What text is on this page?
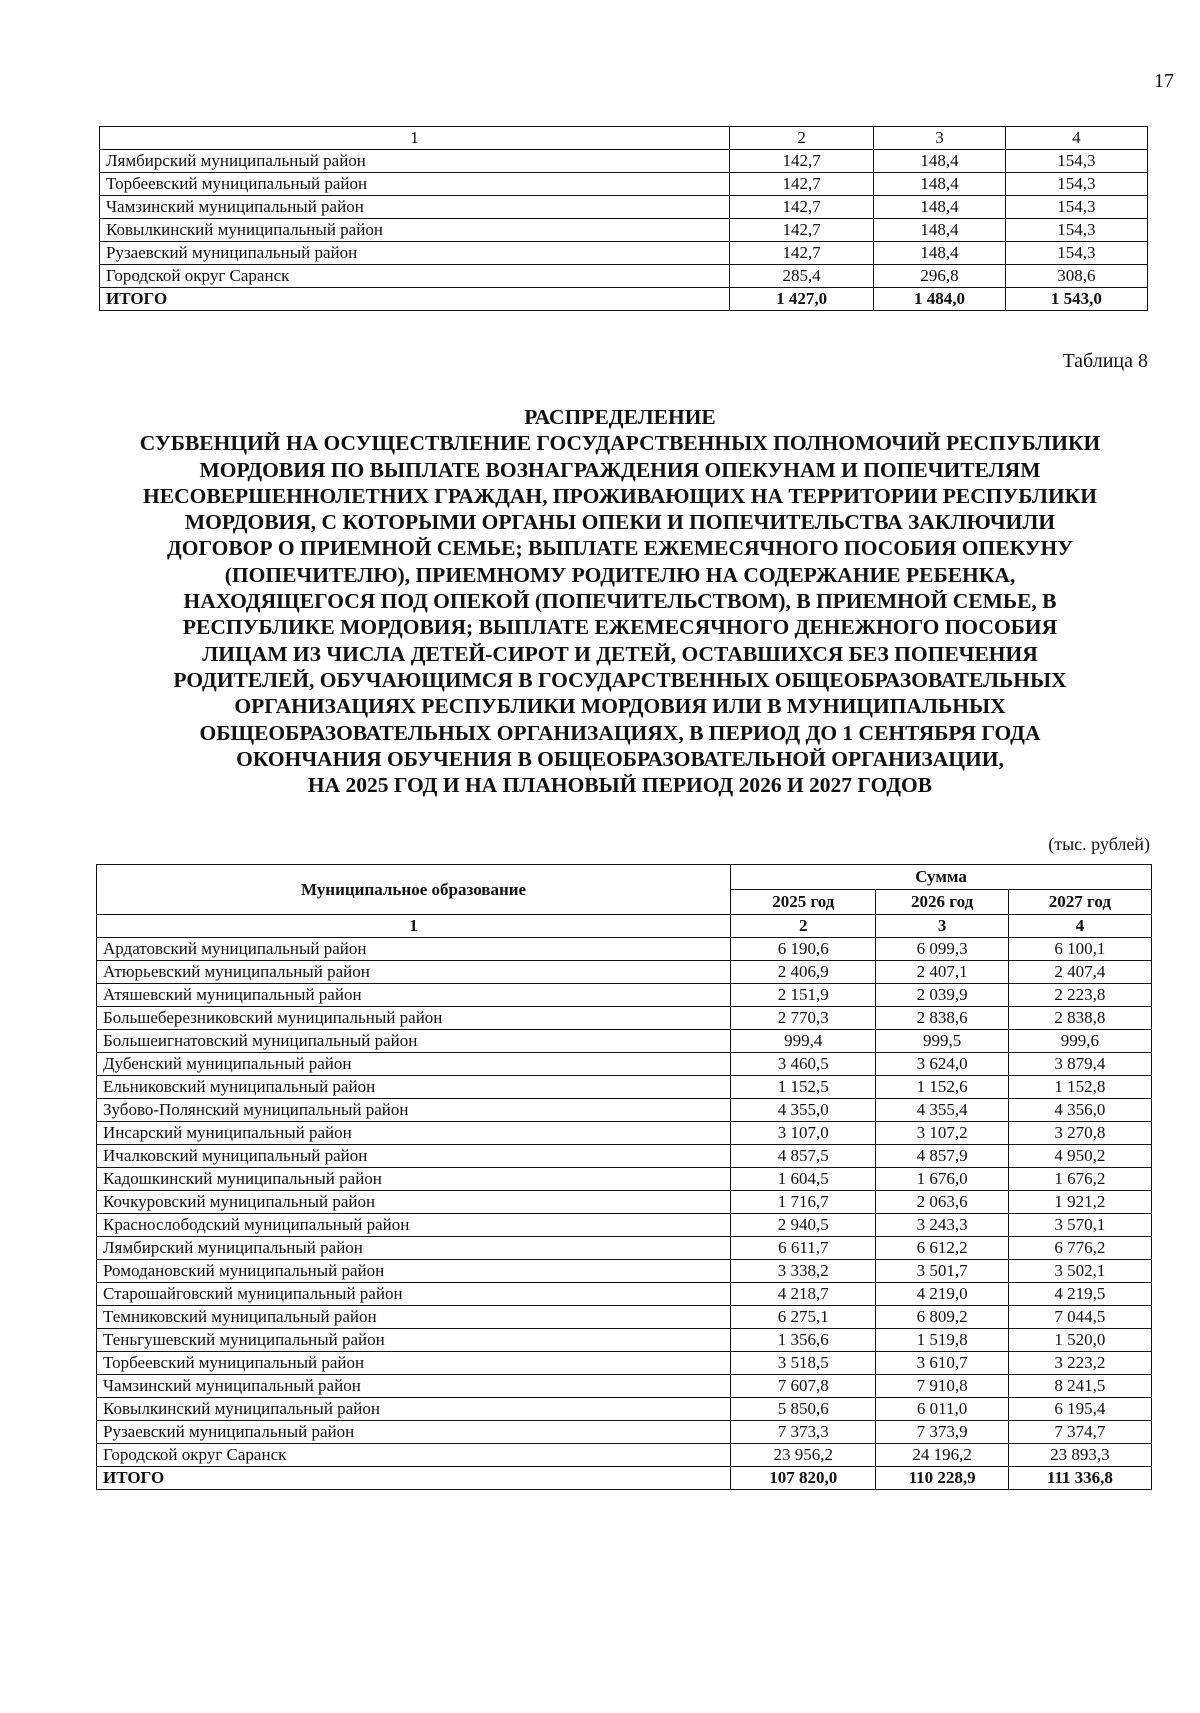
17
1	2	3	4
Лямбирский муниципальный район	142,7	148,4	154,3
Торбеевский муниципальный район	142,7	148,4	154,3
Чамзинский муниципальный район	142,7	148,4	154,3
Ковылкинский муниципальный район	142,7	148,4	154,3
Рузаевский муниципальный район	142,7	148,4	154,3
Городской округ Саранск	285,4	296,8	308,6
ИТОГО	1 427,0	1 484,0	1 543,0
Таблица 8
РАСПРЕДЕЛЕНИЕ
СУБВЕНЦИЙ НА ОСУЩЕСТВЛЕНИЕ ГОСУДАРСТВЕННЫХ ПОЛНОМОЧИЙ РЕСПУБЛИКИ
МОРДОВИЯ ПО ВЫПЛАТЕ ВОЗНАГРАЖДЕНИЯ ОПЕКУНАМ И ПОПЕЧИТЕЛЯМ
НЕСОВЕРШЕННОЛЕТНИХ ГРАЖДАН, ПРОЖИВАЮЩИХ НА ТЕРРИТОРИИ РЕСПУБЛИКИ
МОРДОВИЯ, С КОТОРЫМИ ОРГАНЫ ОПЕКИ И ПОПЕЧИТЕЛЬСТВА ЗАКЛЮЧИЛИ
ДОГОВОР О ПРИЕМНОЙ СЕМЬЕ; ВЫПЛАТЕ ЕЖЕМЕСЯЧНОГО ПОСОБИЯ ОПЕКУНУ
(ПОПЕЧИТЕЛЮ), ПРИЕМНОМУ РОДИТЕЛЮ НА СОДЕРЖАНИЕ РЕБЕНКА,
НАХОДЯЩЕГОСЯ ПОД ОПЕКОЙ (ПОПЕЧИТЕЛЬСТВОМ), В ПРИЕМНОЙ СЕМЬЕ, В
РЕСПУБЛИКЕ МОРДОВИЯ; ВЫПЛАТЕ ЕЖЕМЕСЯЧНОГО ДЕНЕЖНОГО ПОСОБИЯ
ЛИЦАМ ИЗ ЧИСЛА ДЕТЕЙ-СИРОТ И ДЕТЕЙ, ОСТАВШИХСЯ БЕЗ ПОПЕЧЕНИЯ
РОДИТЕЛЕЙ, ОБУЧАЮЩИМСЯ В ГОСУДАРСТВЕННЫХ ОБЩЕОБРАЗОВАТЕЛЬНЫХ
ОРГАНИЗАЦИЯХ РЕСПУБЛИКИ МОРДОВИЯ ИЛИ В МУНИЦИПАЛЬНЫХ
ОБЩЕОБРАЗОВАТЕЛЬНЫХ ОРГАНИЗАЦИЯХ, В ПЕРИОД ДО 1 СЕНТЯБРЯ ГОДА
ОКОНЧАНИЯ ОБУЧЕНИЯ В ОБЩЕОБРАЗОВАТЕЛЬНОЙ ОРГАНИЗАЦИИ,
НА 2025 ГОД И НА ПЛАНОВЫЙ ПЕРИОД 2026 И 2027 ГОДОВ
(тыс. рублей)
Муниципальное образование	Сумма		
	2025 год	2026 год	2027 год
1	2	3	4
Ардатовский муниципальный район	6 190,6	6 099,3	6 100,1
Атюрьевский муниципальный район	2 406,9	2 407,1	2 407,4
Атяшевский муниципальный район	2 151,9	2 039,9	2 223,8
Большеберезниковский муниципальный район	2 770,3	2 838,6	2 838,8
Большеигнатовский муниципальный район	999,4	999,5	999,6
Дубенский муниципальный район	3 460,5	3 624,0	3 879,4
Ельниковский муниципальный район	1 152,5	1 152,6	1 152,8
Зубово-Полянский муниципальный район	4 355,0	4 355,4	4 356,0
Инсарский муниципальный район	3 107,0	3 107,2	3 270,8
Ичалковский муниципальный район	4 857,5	4 857,9	4 950,2
Кадошкинский муниципальный район	1 604,5	1 676,0	1 676,2
Кочкуровский муниципальный район	1 716,7	2 063,6	1 921,2
Краснослободский муниципальный район	2 940,5	3 243,3	3 570,1
Лямбирский муниципальный район	6 611,7	6 612,2	6 776,2
Ромодановский муниципальный район	3 338,2	3 501,7	3 502,1
Старошайговский муниципальный район	4 218,7	4 219,0	4 219,5
Темниковский муниципальный район	6 275,1	6 809,2	7 044,5
Теньгушевский муниципальный район	1 356,6	1 519,8	1 520,0
Торбеевский муниципальный район	3 518,5	3 610,7	3 223,2
Чамзинский муниципальный район	7 607,8	7 910,8	8 241,5
Ковылкинский муниципальный район	5 850,6	6 011,0	6 195,4
Рузаевский муниципальный район	7 373,3	7 373,9	7 374,7
Городской округ Саранск	23 956,2	24 196,2	23 893,3
ИТОГО	107 820,0	110 228,9	111 336,8
